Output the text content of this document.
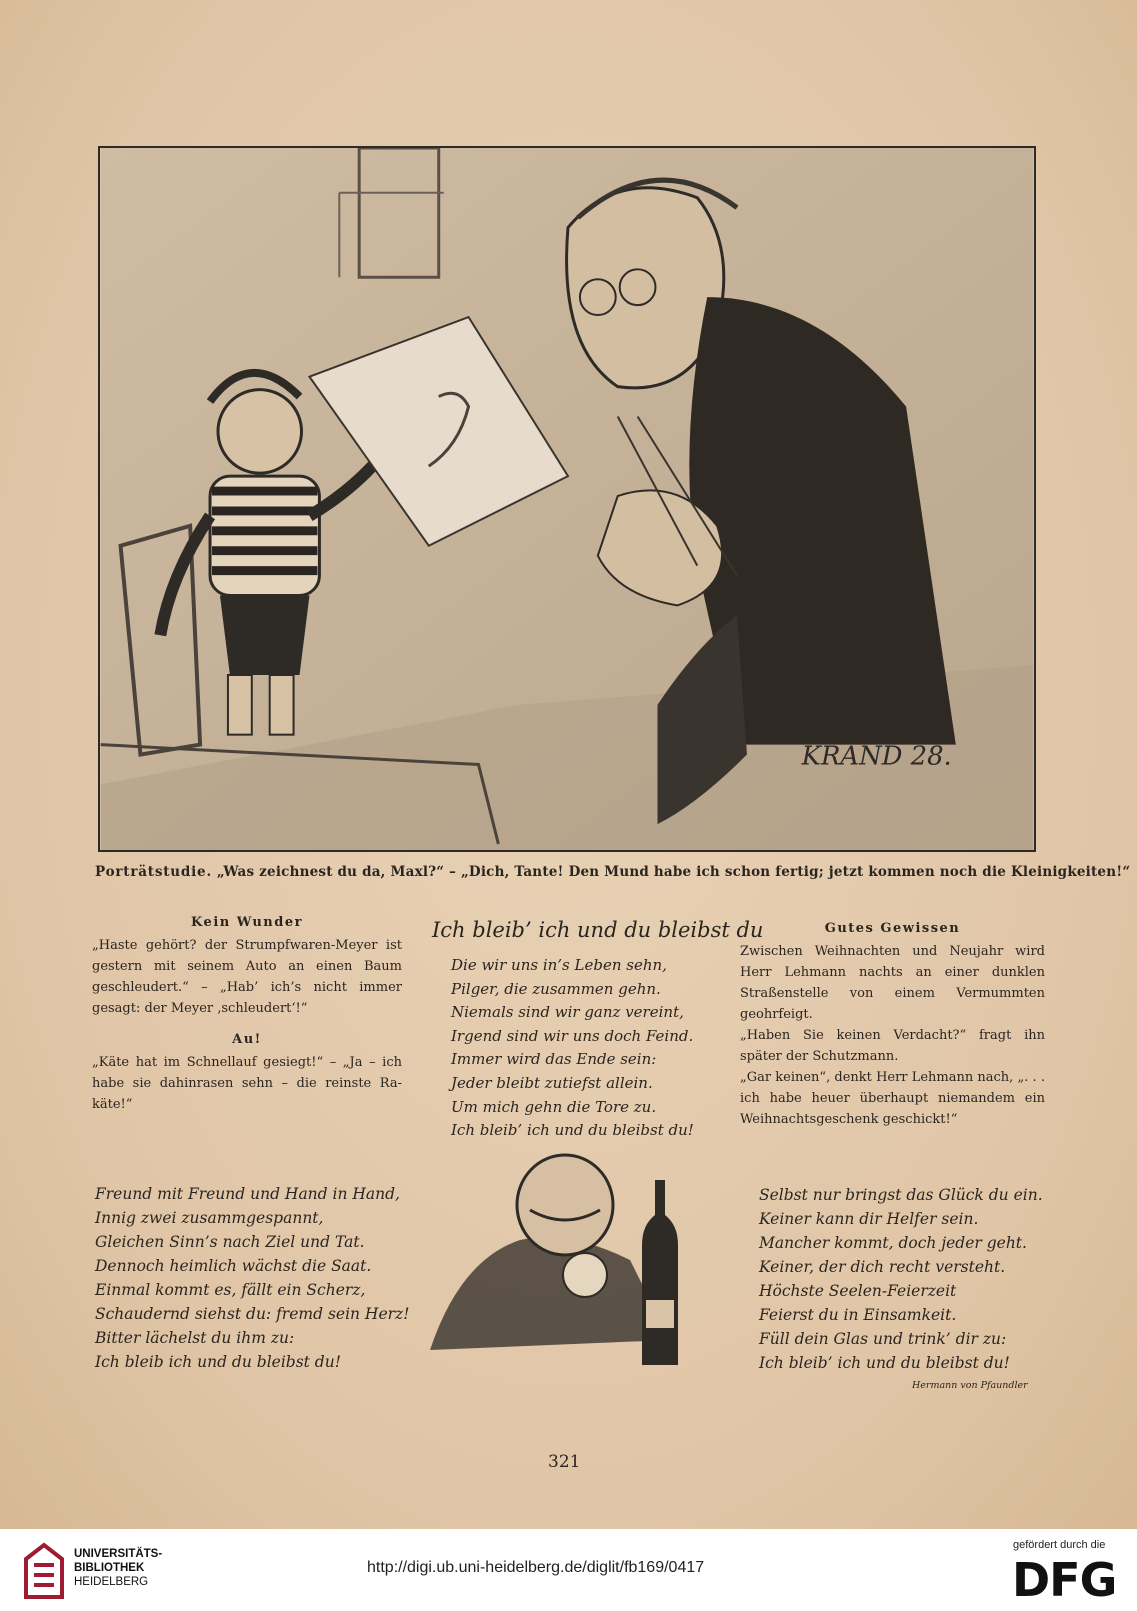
KRAND 28.
Porträtstudie. „Was zeichnest du da, Maxl?“ – „Dich, Tante! Den Mund habe ich schon fertig; jetzt kommen noch die Kleinigkeiten!“

Kein Wunder

„Haste gehört? der Strumpfwaren-Meyer ist gestern mit seinem Auto an einen Baum geschleudert.“ – „Hab’ ich’s nicht immer gesagt: der Meyer ‚schleudert‘!“

Au!

„Käte hat im Schnellauf gesiegt!“ – „Ja – ich habe sie dahinrasen sehn – die reinste Ra-käte!“

Ich bleib’ ich und du bleibst du
Die wir uns in’s Leben sehn,
Pilger, die zusammen gehn.
Niemals sind wir ganz vereint,
Irgend sind wir uns doch Feind.
Immer wird das Ende sein:
Jeder bleibt zutiefst allein.
Um mich gehn die Tore zu.
Ich bleib’ ich und du bleibst du!

Gutes Gewissen

Zwischen Weihnachten und Neujahr wird Herr Lehmann nachts an einer dunklen Straßenstelle von einem Vermummten geohrfeigt.

„Haben Sie keinen Verdacht?“ fragt ihn später der Schutzmann.

„Gar keinen“, denkt Herr Lehmann nach, „. . . ich habe heuer überhaupt niemandem ein Weihnachtsgeschenk geschickt!“

Freund mit Freund und Hand in Hand,
Innig zwei zusammgespannt,
Gleichen Sinn’s nach Ziel und Tat.
Dennoch heimlich wächst die Saat.
Einmal kommt es, fällt ein Scherz,
Schaudernd siehst du: fremd sein Herz!
Bitter lächelst du ihm zu:
Ich bleib ich und du bleibst du!
Selbst nur bringst das Glück du ein.
Keiner kann dir Helfer sein.
Mancher kommt, doch jeder geht.
Keiner, der dich recht versteht.
Höchste Seelen-Feierzeit
Feierst du in Einsamkeit.
Füll dein Glas und trink’ dir zu:
Ich bleib’ ich und du bleibst du!
Hermann von Pfaundler
321
UNIVERSITÄTS-
BIBLIOTHEK
HEIDELBERG
http://digi.ub.uni-heidelberg.de/diglit/fb169/0417
gefördert durch die
DFG
